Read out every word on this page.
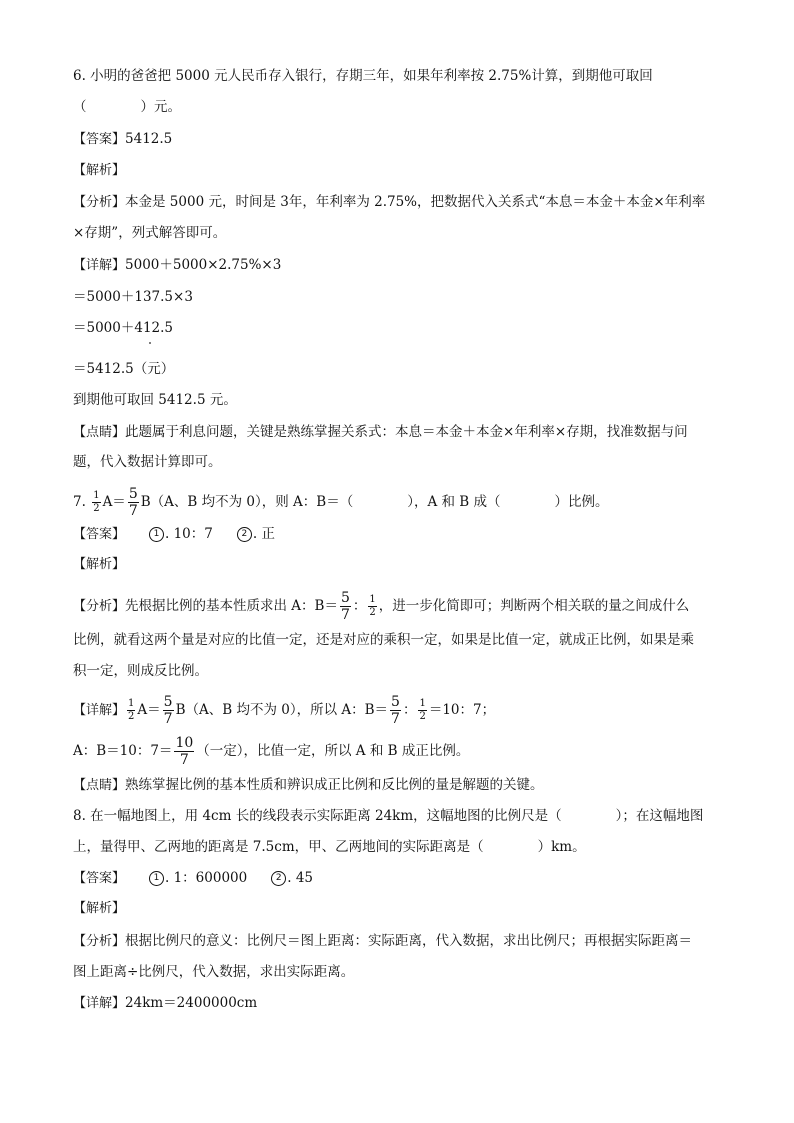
6. 小明的爸爸把 5000 元人民币存入银行，存期三年，如果年利率按 2.75%计算，到期他可取回
（　　　　）元。
【答案】5412.5
【解析】
【分析】本金是 5000 元，时间是 3年，年利率为 2.75%，把数据代入关系式“本息＝本金＋本金×年利率
×存期”，列式解答即可。
【详解】5000＋5000×2.75%×3
＝5000＋137.5×3
＝5000＋412.5
＝5412.5（元）
到期他可取回 5412.5 元。
【点睛】此题属于利息问题，关键是熟练掌握关系式：本息＝本金＋本金×年利率×存期，找准数据与问
题，代入数据计算即可。
7. $\frac{1}{2} A= \frac{5}{7} B(A$、B 均不为 0），则 A：B＝（　　　　），A 和 B 成（　　　　）比例。
【答案】	1 . 10：7	2 . 正
【解析】
【分析】先根据比例的基本性质求出 A：$B= \frac{5}{7}$ ： $\frac{1}{2}$ ，进一步化简即可；判断两个相关联的量之间成什么
比例，就看这两个量是对应的比值一定，还是对应的乘积一定，如果是比值一定，就成正比例，如果是乘
积一定，则成反比例。
【详解】 $\frac{1}{2} A= \frac{5}{7} B(A$、B 均不为 0），所以 A：$B= \frac{5}{7}$ ： $\frac{1}{2} =10$：7；
A：B＝10：$7= \frac{10}{7}$ （一定），比值一定，所以 A 和 B 成正比例。
【点睛】熟练掌握比例的基本性质和辨识成正比例和反比例的量是解题的关键。
8. 在一幅地图上，用 4cm 长的线段表示实际距离 24km，这幅地图的比例尺是（　　　　）；在这幅地图
上，量得甲、乙两地的距离是 7.5cm，甲、乙两地间的实际距离是（　　　　）km。
【答案】	1 . 1：600000	2 . 45
【解析】
【分析】根据比例尺的意义：比例尺＝图上距离：实际距离，代入数据，求出比例尺；再根据实际距离＝
图上距离÷比例尺，代入数据，求出实际距离。
【详解】24km＝2400000cm
